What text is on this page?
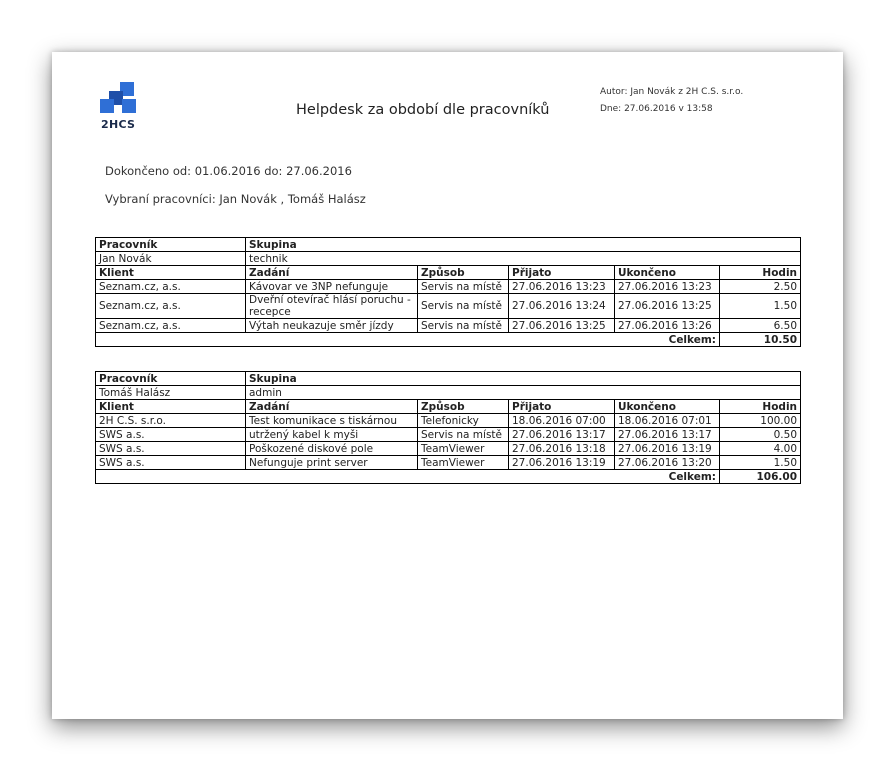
2HCS
Helpdesk za období dle pracovníků
Autor: Jan Novák z 2H C.S. s.r.o.
Dne: 27.06.2016 v 13:58
Dokončeno od: 01.06.2016 do: 27.06.2016
Vybraní pracovníci: Jan Novák , Tomáš Halász
Pracovník	Skupina				
Jan Novák	technik				
Klient	Zadání	Způsob	Přijato	Ukončeno	Hodin
Seznam.cz, a.s.	Kávovar ve 3NP nefunguje	Servis na místě	27.06.2016 13:23	27.06.2016 13:23	2.50
Seznam.cz, a.s.	Dveřní otevírač hlásí poruchu - recepce	Servis na místě	27.06.2016 13:24	27.06.2016 13:25	1.50
Seznam.cz, a.s.	Výtah neukazuje směr jízdy	Servis na místě	27.06.2016 13:25	27.06.2016 13:26	6.50
Celkem:					10.50
Pracovník	Skupina				
Tomáš Halász	admin				
Klient	Zadání	Způsob	Přijato	Ukončeno	Hodin
2H C.S. s.r.o.	Test komunikace s tiskárnou	Telefonicky	18.06.2016 07:00	18.06.2016 07:01	100.00
SWS a.s.	utržený kabel k myši	Servis na místě	27.06.2016 13:17	27.06.2016 13:17	0.50
SWS a.s.	Poškozené diskové pole	TeamViewer	27.06.2016 13:18	27.06.2016 13:19	4.00
SWS a.s.	Nefunguje print server	TeamViewer	27.06.2016 13:19	27.06.2016 13:20	1.50
Celkem:					106.00
